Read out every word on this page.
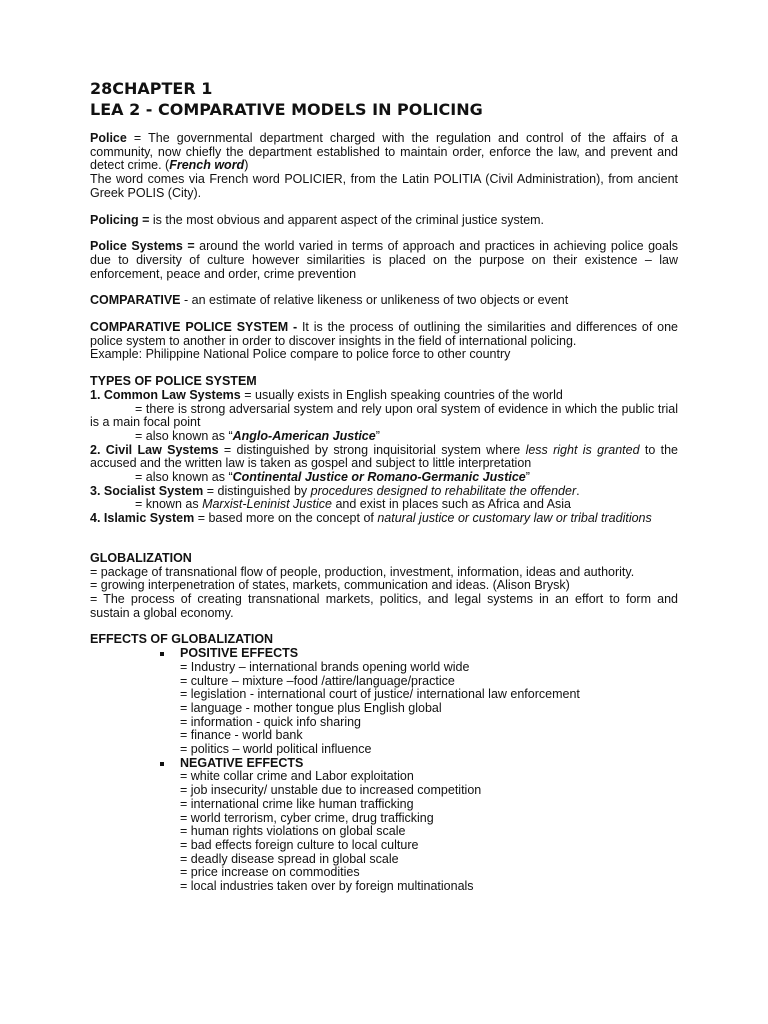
28CHAPTER 1
LEA 2 - COMPARATIVE MODELS IN POLICING

Police = The governmental department charged with the regulation and control of the affairs of a community, now chiefly the department established to maintain order, enforce the law, and prevent and detect crime. (French word)

The word comes via French word POLICIER, from the Latin POLITIA (Civil Administration), from ancient Greek POLIS (City).

Policing = is the most obvious and apparent aspect of the criminal justice system.

Police Systems = around the world varied in terms of approach and practices in achieving police goals due to diversity of culture however similarities is placed on the purpose on their existence – law enforcement, peace and order, crime prevention

COMPARATIVE - an estimate of relative likeness or unlikeness of two objects or event

COMPARATIVE POLICE SYSTEM - It is the process of outlining the similarities and differences of one police system to another in order to discover insights in the field of international policing.

Example: Philippine National Police compare to police force to other country

TYPES OF POLICE SYSTEM
1. Common Law Systems = usually exists in English speaking countries of the world
= there is strong adversarial system and rely upon oral system of evidence in which the public trial is a main focal point
= also known as “Anglo-American Justice”
2. Civil Law Systems = distinguished by strong inquisitorial system where less right is granted to the accused and the written law is taken as gospel and subject to little interpretation
= also known as “Continental Justice or Romano-Germanic Justice”
3. Socialist System = distinguished by procedures designed to rehabilitate the offender.
= known as Marxist-Leninist Justice and exist in places such as Africa and Asia
4. Islamic System = based more on the concept of natural justice or customary law or tribal traditions
GLOBALIZATION
= package of transnational flow of people, production, investment, information, ideas and authority.
= growing interpenetration of states, markets, communication and ideas. (Alison Brysk)
= The process of creating transnational markets, politics, and legal systems in an effort to form and sustain a global economy.
EFFECTS OF GLOBALIZATION
POSITIVE EFFECTS
= Industry – international brands opening world wide
= culture – mixture –food /attire/language/practice
= legislation - international court of justice/ international law enforcement
= language - mother tongue plus English global
= information - quick info sharing
= finance - world bank
= politics – world political influence
NEGATIVE EFFECTS
= white collar crime and Labor exploitation
= job insecurity/ unstable due to increased competition
= international crime like human trafficking
= world terrorism, cyber crime, drug trafficking
= human rights violations on global scale
= bad effects foreign culture to local culture
= deadly disease spread in global scale
= price increase on commodities
= local industries taken over by foreign multinationals
